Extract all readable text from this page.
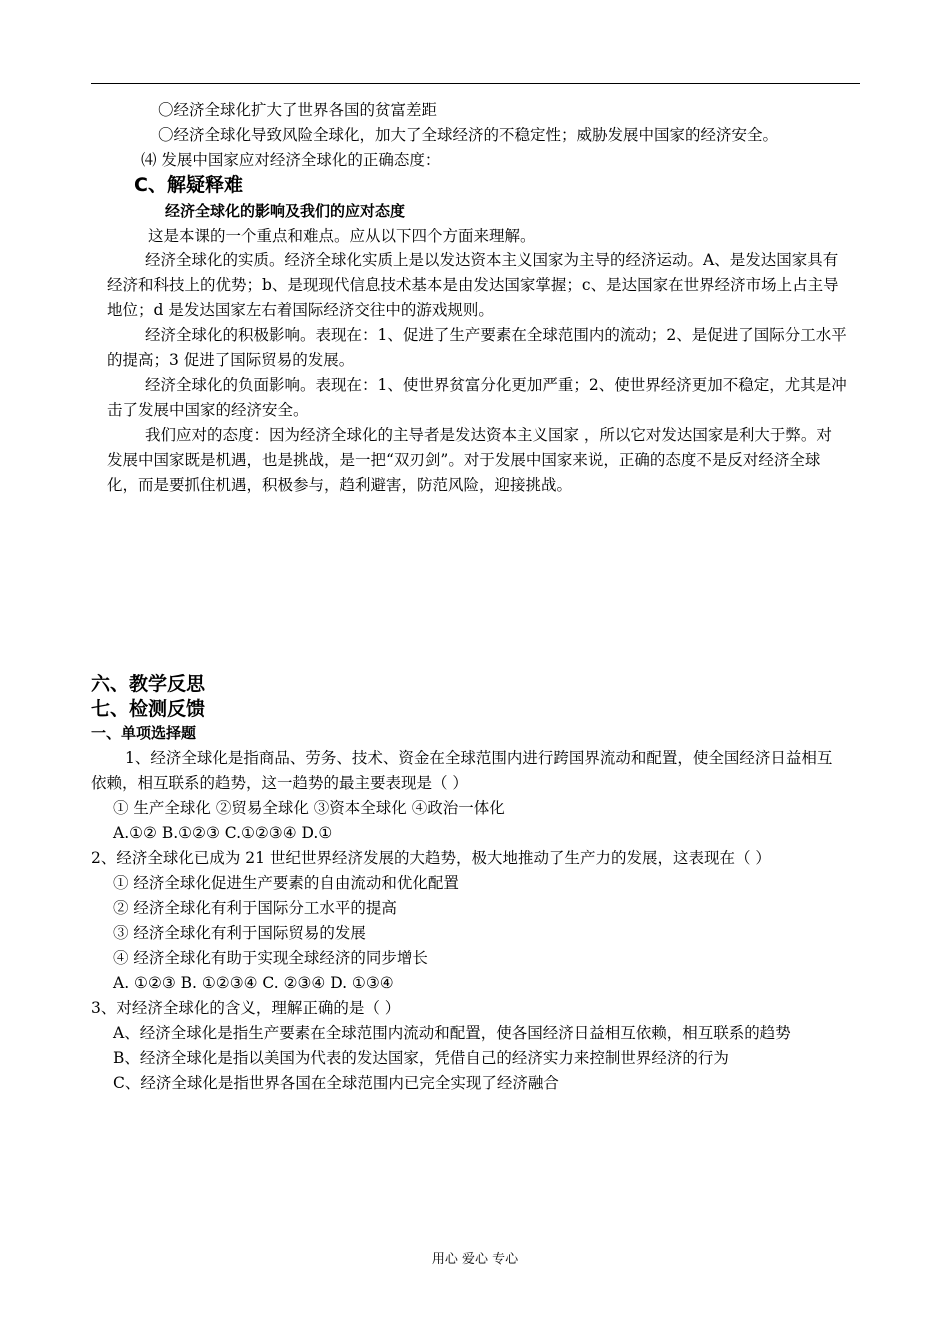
〇经济全球化扩大了世界各国的贫富差距
〇经济全球化导致风险全球化，加大了全球经济的不稳定性；威胁发展中国家的经济安全。
⑷ 发展中国家应对经济全球化的正确态度：
C、解疑释难
经济全球化的影响及我们的应对态度
这是本课的一个重点和难点。应从以下四个方面来理解。
经济全球化的实质。经济全球化实质上是以发达资本主义国家为主导的经济运动。A、是发达国家具有
经济和科技上的优势；b、是现现代信息技术基本是由发达国家掌握；c、是达国家在世界经济市场上占主导
地位；d 是发达国家左右着国际经济交往中的游戏规则。
经济全球化的积极影响。表现在：1、促进了生产要素在全球范围内的流动；2、是促进了国际分工水平
的提高；3 促进了国际贸易的发展。
经济全球化的负面影响。表现在：1、使世界贫富分化更加严重；2、使世界经济更加不稳定，尤其是冲
击了发展中国家的经济安全。
我们应对的态度：因为经济全球化的主导者是发达资本主义国家 ，所以它对发达国家是利大于弊。对
发展中国家既是机遇，也是挑战，是一把“双刃剑”。对于发展中国家来说，正确的态度不是反对经济全球
化，而是要抓住机遇，积极参与，趋利避害，防范风险，迎接挑战。
六、教学反思
七、检测反馈
一、单项选择题
1、经济全球化是指商品、劳务、技术、资金在全球范围内进行跨国界流动和配置，使全国经济日益相互
依赖，相互联系的趋势，这一趋势的最主要表现是（ ）
① 生产全球化 ②贸易全球化 ③资本全球化 ④政治一体化
A.①② B.①②③ C.①②③④ D.①
2、经济全球化已成为 21 世纪世界经济发展的大趋势，极大地推动了生产力的发展，这表现在（ ）
① 经济全球化促进生产要素的自由流动和优化配置
② 经济全球化有利于国际分工水平的提高
③ 经济全球化有利于国际贸易的发展
④ 经济全球化有助于实现全球经济的同步增长
A. ①②③ B. ①②③④ C. ②③④ D. ①③④
3、对经济全球化的含义，理解正确的是（ ）
A、经济全球化是指生产要素在全球范围内流动和配置，使各国经济日益相互依赖，相互联系的趋势
B、经济全球化是指以美国为代表的发达国家，凭借自己的经济实力来控制世界经济的行为
C、经济全球化是指世界各国在全球范围内已完全实现了经济融合
用心 爱心 专心
